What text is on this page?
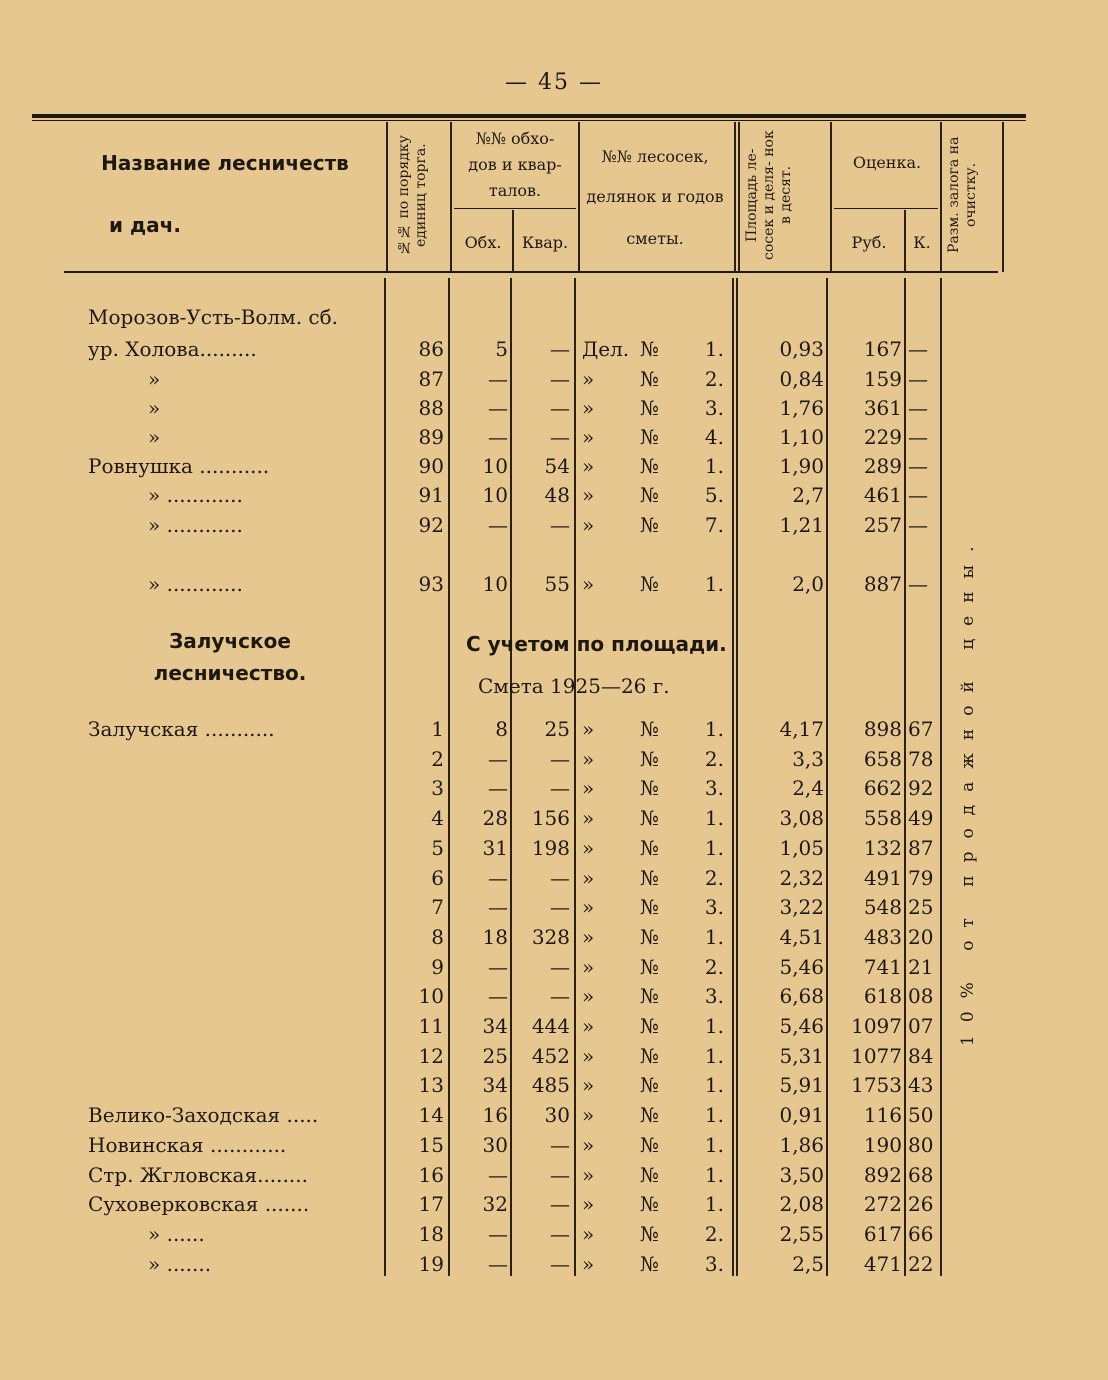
— 45 —
Название лесничеств
и дач.	№№ по порядку единиц торга.
№№ обхо-
дов и квар-
талов.
Обх.	Квар.
№№ лесосек,
делянок и годов
сметы.	Площадь ле- сосек и деля- нок в десят.
Оценка.
Руб.	К.	Разм. залога на очистку.
Морозов-Усть-Волм. сб.
ур. Холова.........	86	5	— Дел. №	1.	0,93	167 —
»	87	—	— »	№	2.	0,84	159 —
»	88	—	— »	№	3.	1,76	361 —
»	89	—	— »	№	4.	1,10	229 —
Ровнушка ...........	90	10	54 »	№	1.	1,90	289 —
» ............	91	10	48 »	№	5.	2,7	461 —
» ............	92	—	— »	№	7.	1,21	257 —
» ............	93	10	55 »	№	1.	2,0	887 —
Залучское
лесничество.
С учетом по площади.
Смета 1925—26 г.
Залучская ...........	1	8	25 »	№	1.	4,17	898 67
2	—	— »	№	2.	3,3	658 78
3	—	— »	№	3.	2,4	662 92
4	28	156 »	№	1.	3,08	558 49
5	31	198 »	№	1.	1,05	132 87
6	—	— »	№	2.	2,32	491 79
7	—	— »	№	3.	3,22	548 25
8	18	328 »	№	1.	4,51	483 20
9	—	— »	№	2.	5,46	741 21
10	—	— »	№	3.	6,68	618 08
11	34	444 »	№	1.	5,46	1097 07
12	25	452 »	№	1.	5,31	1077 84
13	34	485 »	№	1.	5,91	1753 43
Велико-Заходская .....	14	16	30 »	№	1.	0,91	116 50
Новинская ............	15	30	— »	№	1.	1,86	190 80
Стр. Жгловская........	16	—	— »	№	1.	3,50	892 68
Суховерковская .......	17	32	— »	№	1.	2,08	272 26
» ......	18	—	— »	№	2.	2,55	617 66
» .......	19	—	— »	№	3.	2,5	471 22
10% от продажной цены.
